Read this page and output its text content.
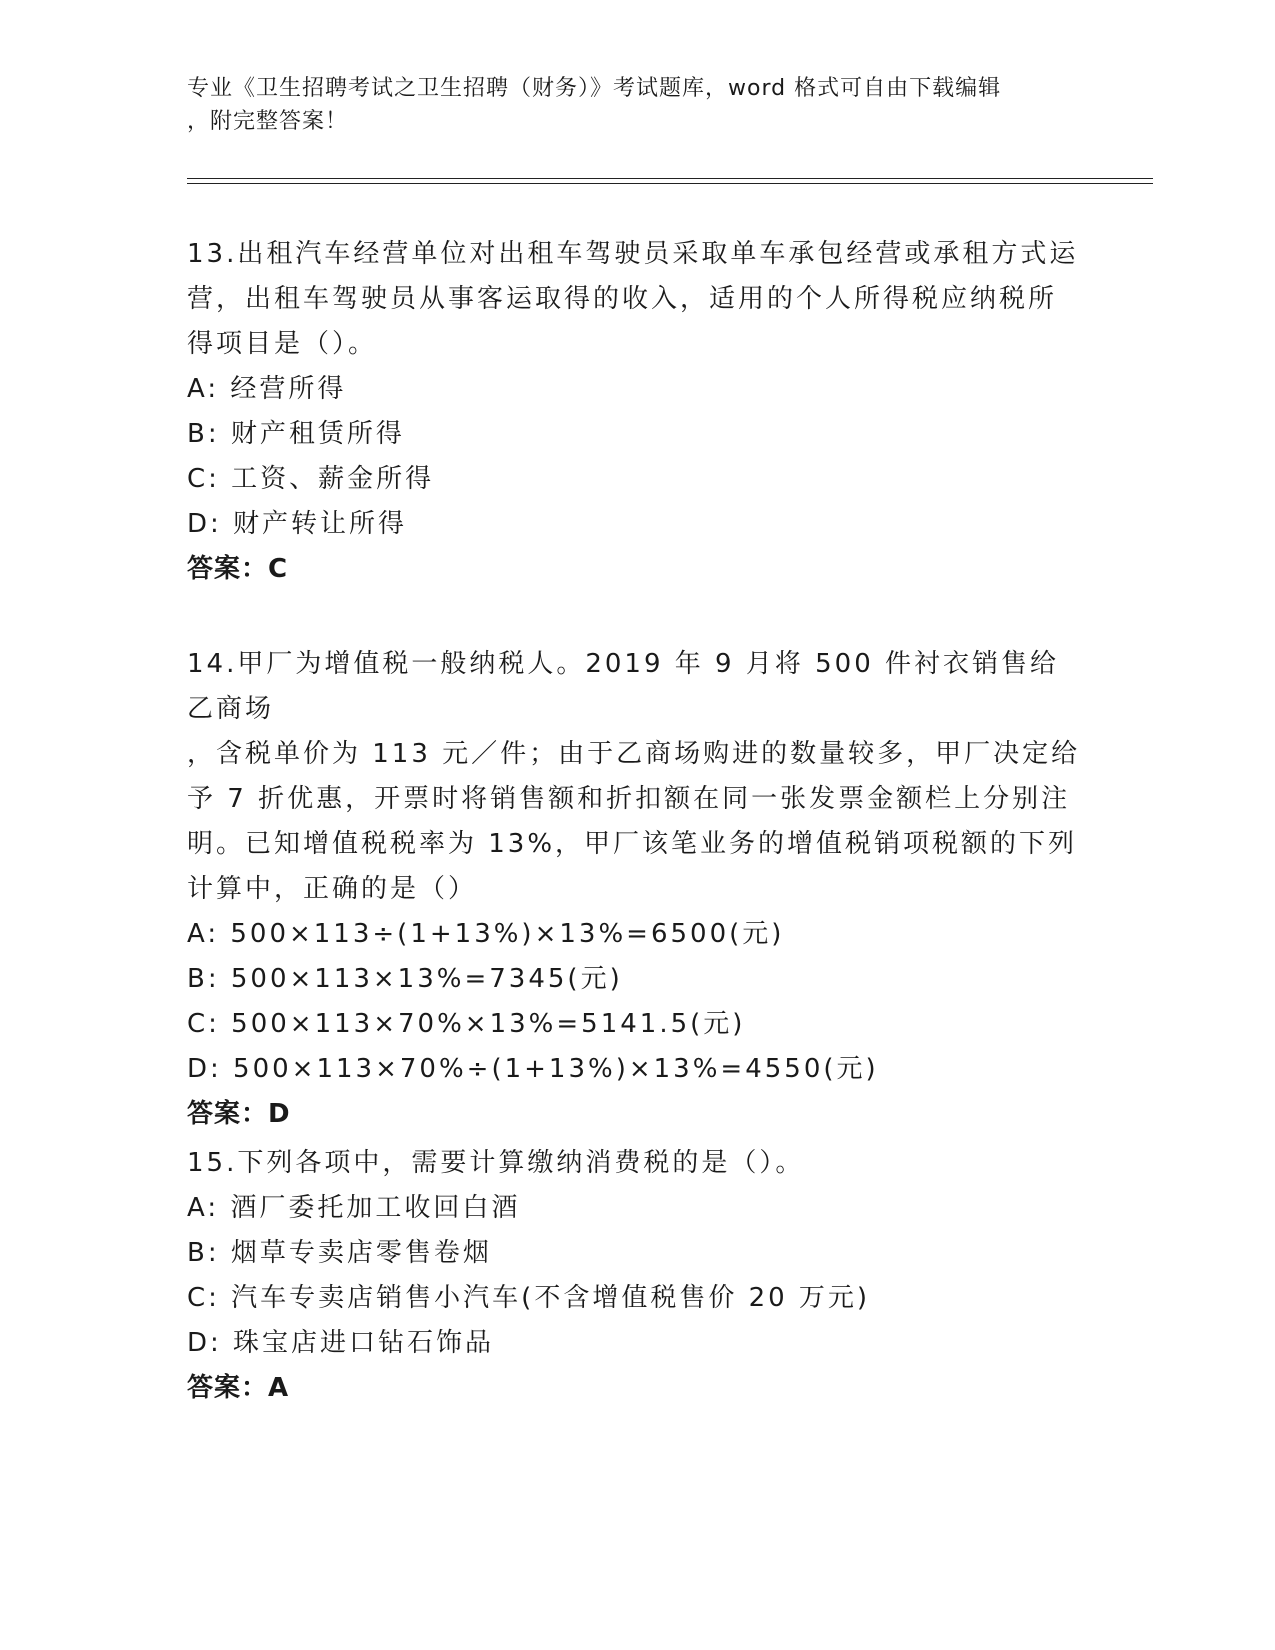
专业《卫生招聘考试之卫生招聘（财务）》考试题库，word 格式可自由下载编辑
，附完整答案！

13.出租汽车经营单位对出租车驾驶员采取单车承包经营或承租方式运

营，出租车驾驶员从事客运取得的收入，适用的个人所得税应纳税所

得项目是（）。

A: 经营所得

B: 财产租赁所得

C: 工资、薪金所得

D: 财产转让所得

答案：C

14.甲厂为增值税一般纳税人。2019 年 9 月将 500 件衬衣销售给乙商场

，含税单价为 113 元／件；由于乙商场购进的数量较多，甲厂决定给

予 7 折优惠，开票时将销售额和折扣额在同一张发票金额栏上分别注

明。已知增值税税率为 13%，甲厂该笔业务的增值税销项税额的下列

计算中，正确的是（）

A: 500×113÷(1+13%)×13%=6500(元)

B: 500×113×13%=7345(元)

C: 500×113×70%×13%=5141.5(元)

D: 500×113×70%÷(1+13%)×13%=4550(元)

答案：D

15.下列各项中，需要计算缴纳消费税的是（）。

A: 酒厂委托加工收回白酒

B: 烟草专卖店零售卷烟

C: 汽车专卖店销售小汽车(不含增值税售价 20 万元)

D: 珠宝店进口钻石饰品

答案：A
